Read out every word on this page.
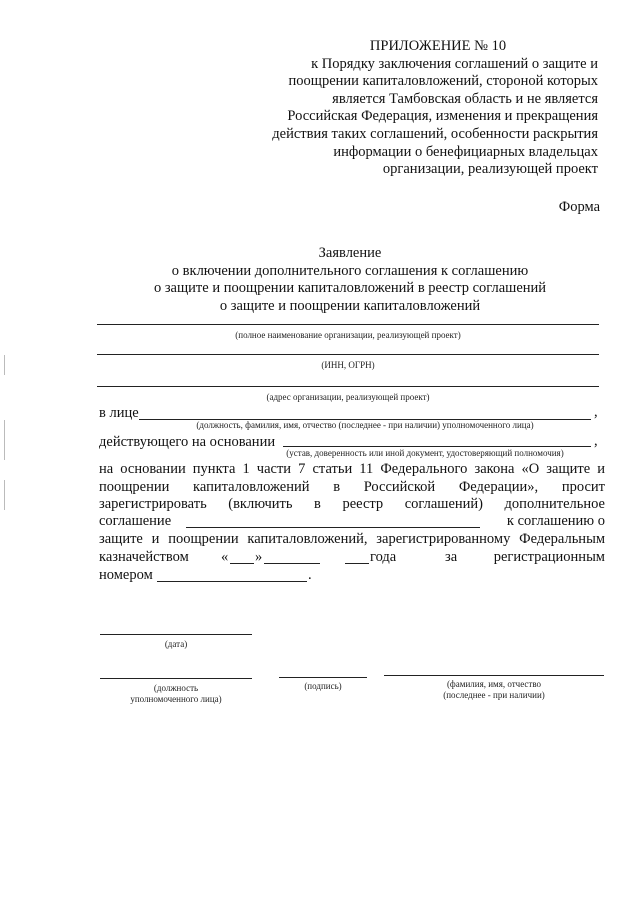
ПРИЛОЖЕНИЕ № 10
к Порядку заключения соглашений о защите и
поощрении капиталовложений, стороной которых
является Тамбовская область и не является
Российская Федерация, изменения и прекращения
действия таких соглашений, особенности раскрытия
информации о бенефициарных владельцах
организации, реализующей проект
Форма
Заявление
о включении дополнительного соглашения к соглашению
о защите и поощрении капиталовложений в реестр соглашений
о защите и поощрении капиталовложений
(полное наименование организации, реализующей проект)
(ИНН, ОГРН)
(адрес организации, реализующей проект)
в лице	,
(должность, фамилия, имя, отчество (последнее - при наличии) уполномоченного лица)
действующего на основании	,
(устав, доверенность или иной документ, удостоверяющий полномочия)
на основании пункта 1 части 7 статьи 11 Федерального закона «О защите и
поощрении капиталовложений в Российской Федерации», просит
зарегистрировать (включить в реестр соглашений) дополнительное
соглашение	к соглашению о
защите и поощрении капиталовложений, зарегистрированному Федеральным
казначейством « »	года	за	регистрационным
номером	.
(дата)
(должность
уполномоченного лица)
(подпись)	(фамилия, имя, отчество
(последнее - при наличии)
